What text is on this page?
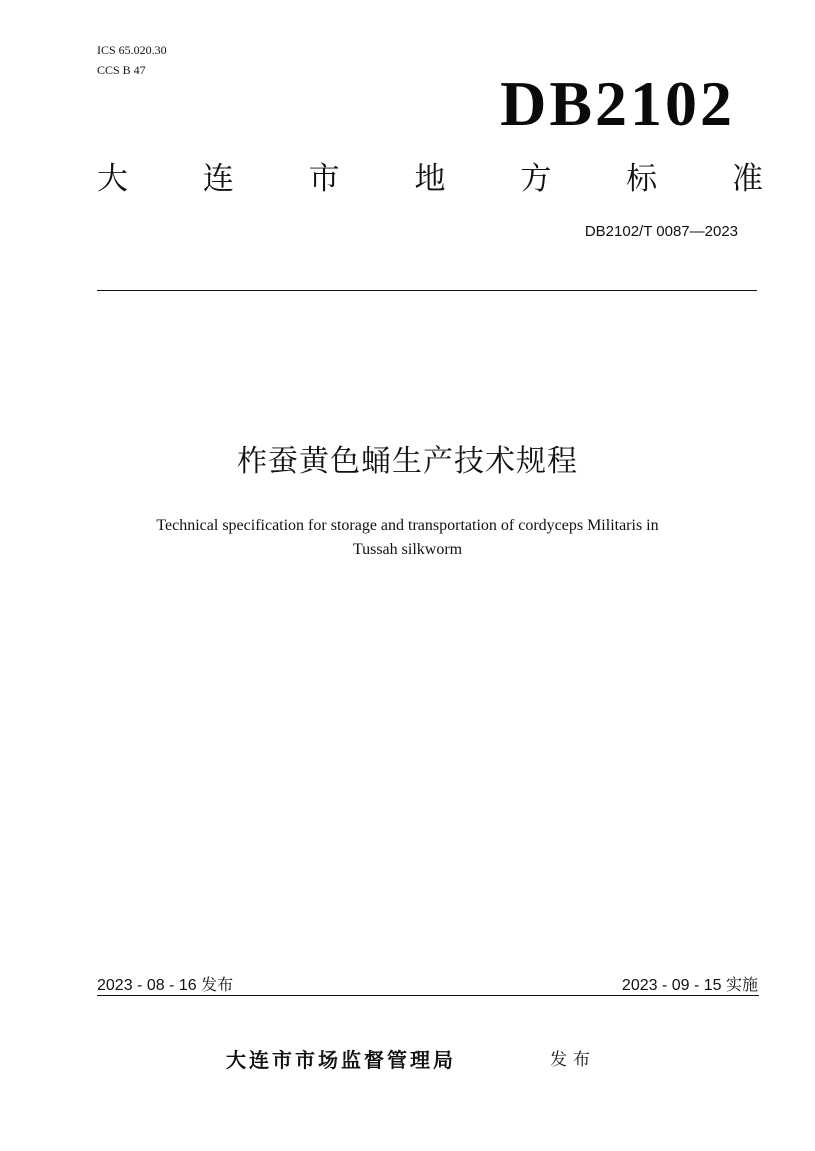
ICS 65.020.30
CCS B 47	DB2102
大 连 市 地 方 标 准
DB2102/T 0087—2023
柞蚕黄色蛹生产技术规程
Technical specification for storage and transportation of cordyceps Militaris in
Tussah silkworm
2023 - 08 - 16 发布	2023 - 09 - 15 实施
大连市市场监督管理局	发布
